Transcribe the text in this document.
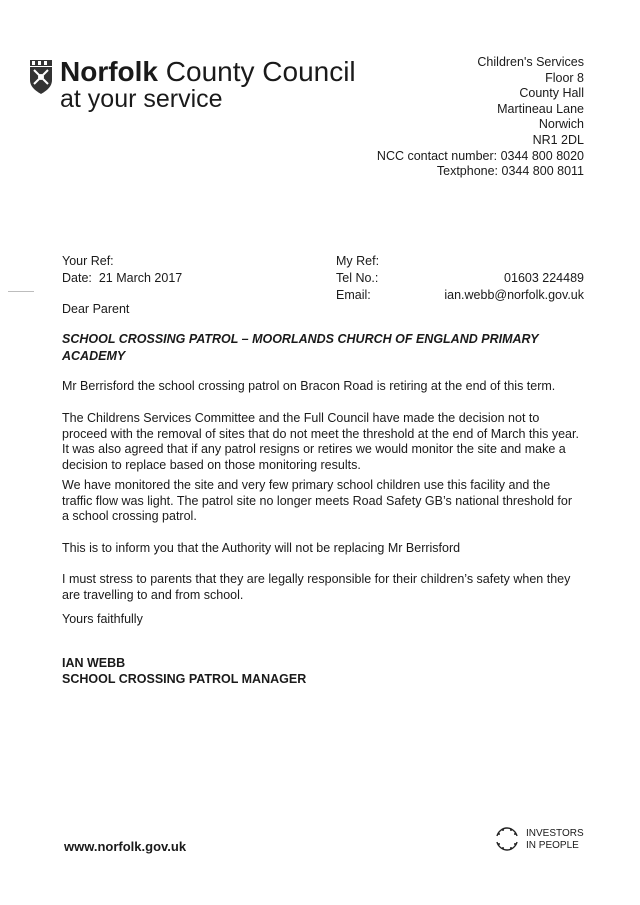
Norfolk County Council
at your service
Children's Services
Floor 8
County Hall
Martineau Lane
Norwich
NR1 2DL
NCC contact number: 0344 800 8020
Textphone: 0344 800 8011
Your Ref:
Date: 21 March 2017
My Ref:
Tel No.:
Email:
01603 224489
ian.webb@norfolk.gov.uk
Dear Parent
SCHOOL CROSSING PATROL – MOORLANDS CHURCH OF ENGLAND PRIMARY ACADEMY
Mr Berrisford the school crossing patrol on Bracon Road is retiring at the end of this term.
The Childrens Services Committee and the Full Council have made the decision not to proceed with the removal of sites that do not meet the threshold at the end of March this year. It was also agreed that if any patrol resigns or retires we would monitor the site and make a decision to replace based on those monitoring results.
We have monitored the site and very few primary school children use this facility and the traffic flow was light. The patrol site no longer meets Road Safety GB’s national threshold for a school crossing patrol.
This is to inform you that the Authority will not be replacing Mr Berrisford
I must stress to parents that they are legally responsible for their children’s safety when they are travelling to and from school.
Yours faithfully
IAN WEBB
SCHOOL CROSSING PATROL MANAGER
www.norfolk.gov.uk
INVESTORS
IN PEOPLE
